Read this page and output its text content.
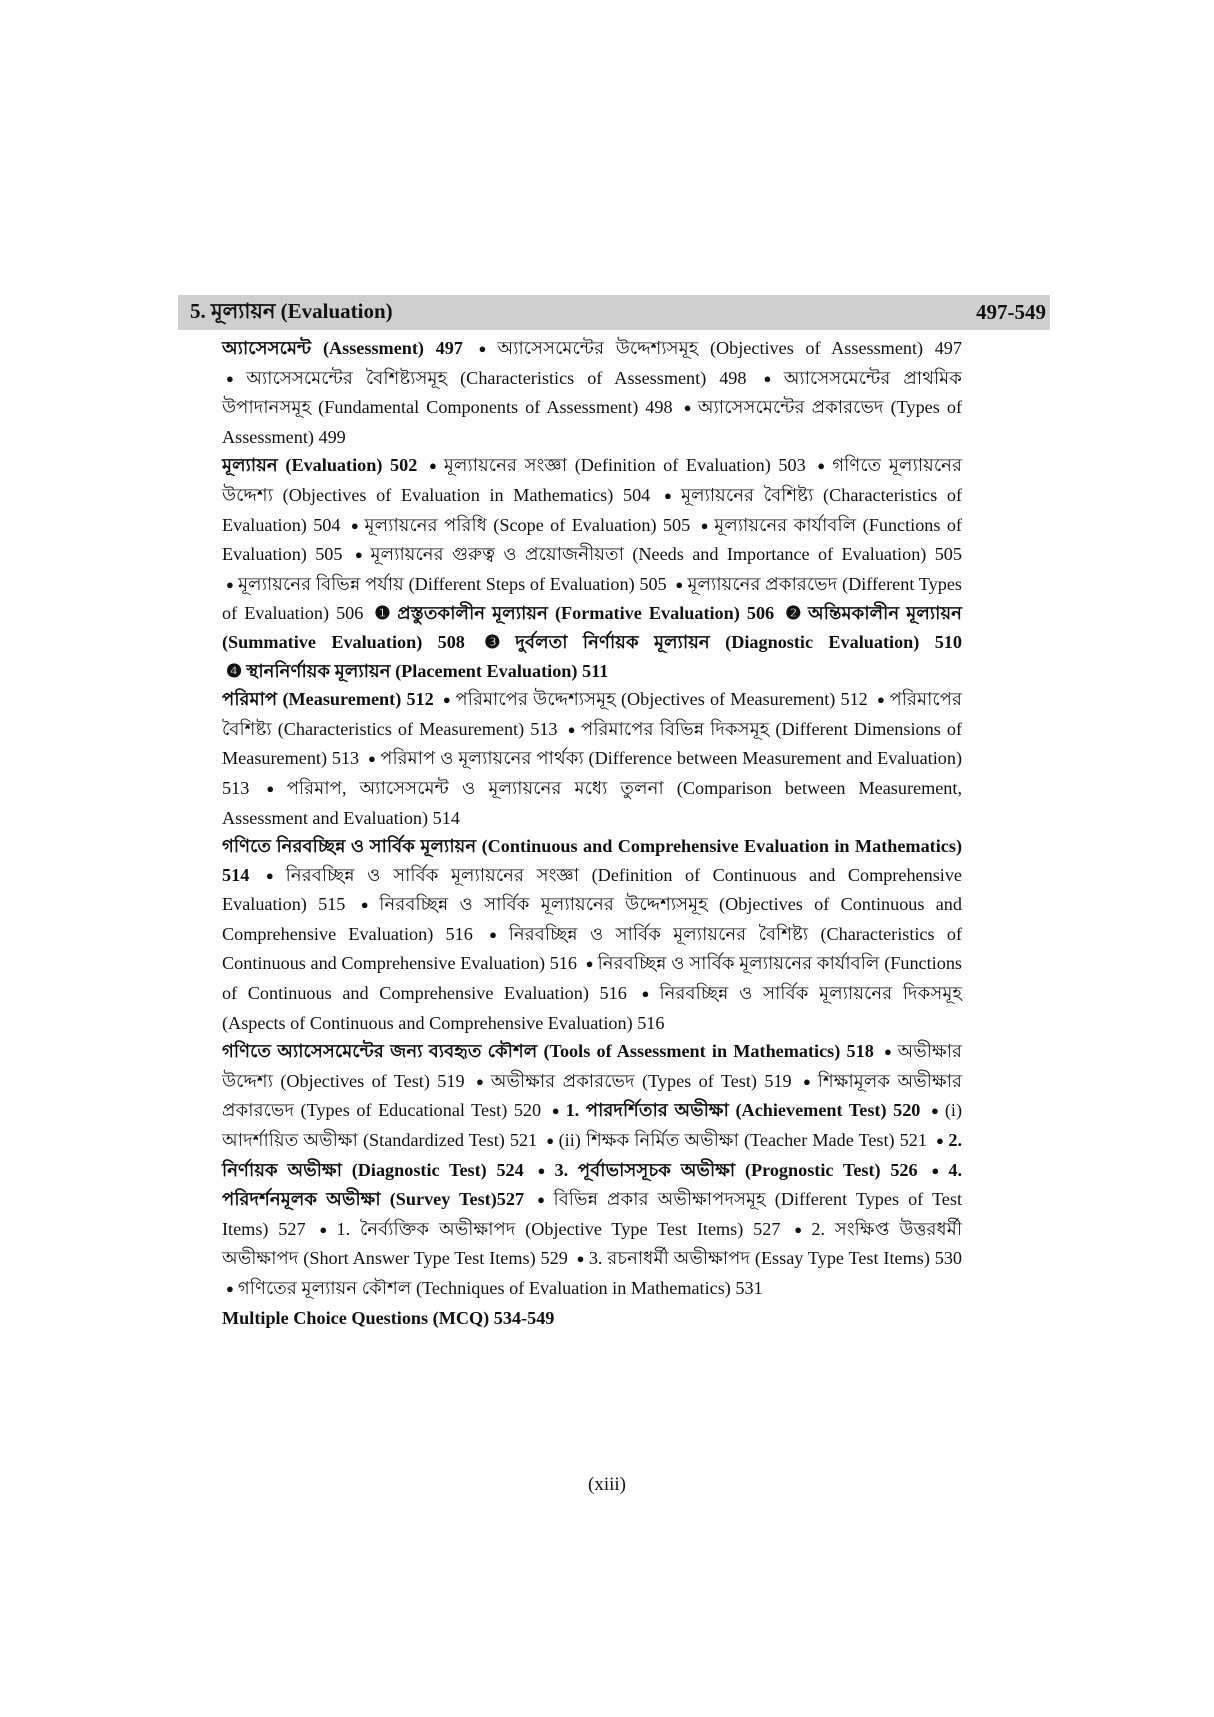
5. মূল্যায়ন (Evaluation)	497-549

অ্যাসেসমেন্ট (Assessment) 497 ● অ্যাসেসমেন্টের উদ্দেশ্যসমূহ (Objectives of Assessment) 497 ● অ্যাসেসমেন্টের বৈশিষ্ট্যসমূহ (Characteristics of Assessment) 498 ● অ্যাসেসমেন্টের প্রাথমিক উপাদানসমূহ (Fundamental Components of Assessment) 498 ● অ্যাসেসমেন্টের প্রকারভেদ (Types of Assessment) 499

মূল্যায়ন (Evaluation) 502 ● মূল্যায়নের সংজ্ঞা (Definition of Evaluation) 503 ● গণিতে মূল্যায়নের উদ্দেশ্য (Objectives of Evaluation in Mathematics) 504 ● মূল্যায়নের বৈশিষ্ট্য (Characteristics of Evaluation) 504 ● মূল্যায়নের পরিধি (Scope of Evaluation) 505 ● মূল্যায়নের কার্যাবলি (Functions of Evaluation) 505 ● মূল্যায়নের গুরুত্ব ও প্রয়োজনীয়তা (Needs and Importance of Evaluation) 505 ● মূল্যায়নের বিভিন্ন পর্যায় (Different Steps of Evaluation) 505 ● মূল্যায়নের প্রকারভেদ (Different Types of Evaluation) 506 ❶ প্রস্তুতকালীন মূল্যায়ন (Formative Evaluation) 506 ❷ অন্তিমকালীন মূল্যায়ন (Summative Evaluation) 508 ❸ দুর্বলতা নির্ণায়ক মূল্যায়ন (Diagnostic Evaluation) 510 ❹ স্থাননির্ণায়ক মূল্যায়ন (Placement Evaluation) 511

পরিমাপ (Measurement) 512 ● পরিমাপের উদ্দেশ্যসমূহ (Objectives of Measurement) 512 ● পরিমাপের বৈশিষ্ট্য (Characteristics of Measurement) 513 ● পরিমাপের বিভিন্ন দিকসমূহ (Different Dimensions of Measurement) 513 ● পরিমাপ ও মূল্যায়নের পার্থক্য (Difference between Measurement and Evaluation) 513 ● পরিমাপ, অ্যাসেসমেন্ট ও মূল্যায়নের মধ্যে তুলনা (Comparison between Measurement, Assessment and Evaluation) 514

গণিতে নিরবচ্ছিন্ন ও সার্বিক মূল্যায়ন (Continuous and Comprehensive Evaluation in Mathematics) 514 ● নিরবচ্ছিন্ন ও সার্বিক মূল্যায়নের সংজ্ঞা (Definition of Continuous and Comprehensive Evaluation) 515 ● নিরবচ্ছিন্ন ও সার্বিক মূল্যায়নের উদ্দেশ্যসমূহ (Objectives of Continuous and Comprehensive Evaluation) 516 ● নিরবচ্ছিন্ন ও সার্বিক মূল্যায়নের বৈশিষ্ট্য (Characteristics of Continuous and Comprehensive Evaluation) 516 ● নিরবচ্ছিন্ন ও সার্বিক মূল্যায়নের কার্যাবলি (Functions of Continuous and Comprehensive Evaluation) 516 ● নিরবচ্ছিন্ন ও সার্বিক মূল্যায়নের দিকসমূহ (Aspects of Continuous and Comprehensive Evaluation) 516

গণিতে অ্যাসেসমেন্টের জন্য ব্যবহৃত কৌশল (Tools of Assessment in Mathematics) 518 ● অভীক্ষার উদ্দেশ্য (Objectives of Test) 519 ● অভীক্ষার প্রকারভেদ (Types of Test) 519 ● শিক্ষামূলক অভীক্ষার প্রকারভেদ (Types of Educational Test) 520 ● 1. পারদর্শিতার অভীক্ষা (Achievement Test) 520 ● (i) আদর্শায়িত অভীক্ষা (Standardized Test) 521 ● (ii) শিক্ষক নির্মিত অভীক্ষা (Teacher Made Test) 521 ● 2. নির্ণায়ক অভীক্ষা (Diagnostic Test) 524 ● 3. পূর্বাভাসসূচক অভীক্ষা (Prognostic Test) 526 ● 4. পরিদর্শনমূলক অভীক্ষা (Survey Test)527 ● বিভিন্ন প্রকার অভীক্ষাপদসমূহ (Different Types of Test Items) 527 ● 1. নৈর্ব্যক্তিক অভীক্ষাপদ (Objective Type Test Items) 527 ● 2. সংক্ষিপ্ত উত্তরধর্মী অভীক্ষাপদ (Short Answer Type Test Items) 529 ● 3. রচনাধর্মী অভীক্ষাপদ (Essay Type Test Items) 530 ● গণিতের মূল্যায়ন কৌশল (Techniques of Evaluation in Mathematics) 531

Multiple Choice Questions (MCQ) 534-549

(xiii)
